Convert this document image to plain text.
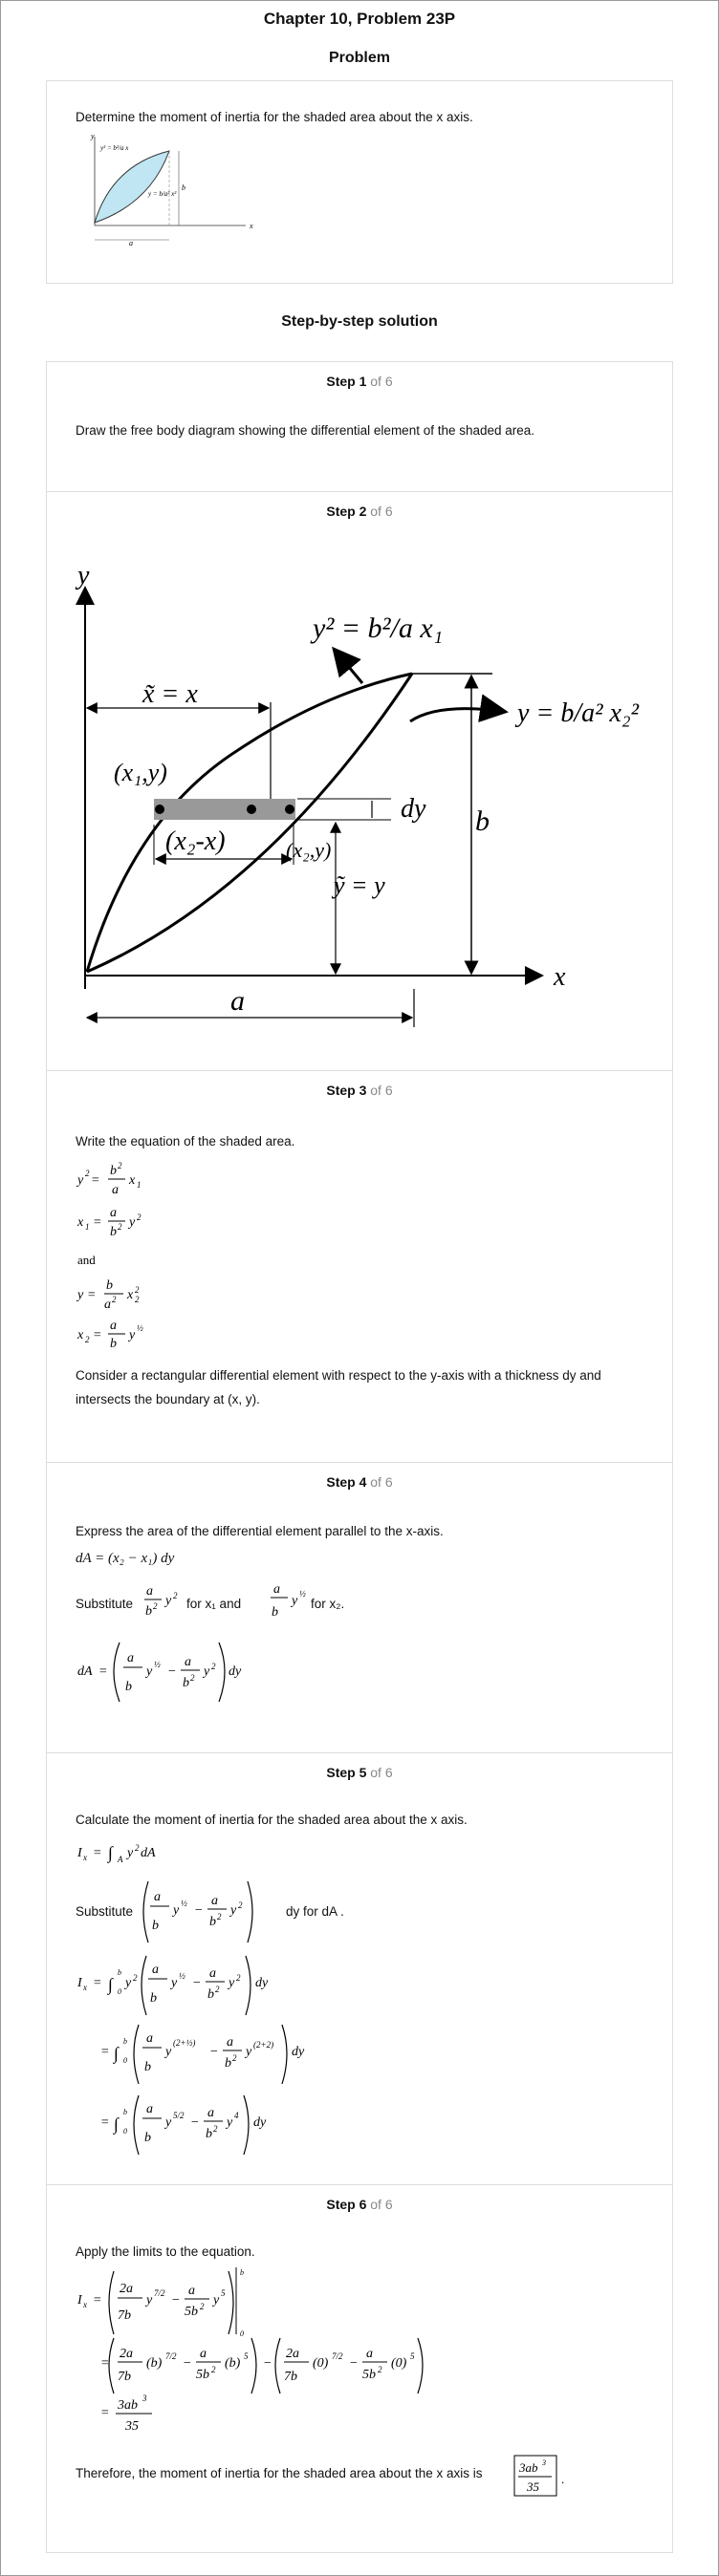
Chapter 10, Problem 23P
Problem
Determine the moment of inertia for the shaded area about the x axis.
y
x
y² = b²/a x
y = b/a² x²
a
b
Step-by-step solution
Step 1 of 6
Draw the free body diagram showing the differential element of the shaded area.
Step 2 of 6
y
x
x̃ = x
(x₁,y)
(x₂,y)
(x₂-x)
dy
ỹ = y
b
a
y² = b²/a x₁
y = b/a² x₂²
Step 3 of 6
Write the equation of the shaded area.
y 2 =
b 2
a
x 1
x 1 =
a
b 2 y 2
and
y =
b
a 2 x 2
2
x 2 =
a
b
y ½
Consider a rectangular differential element with respect to the y-axis with a thickness dy and
intersects the boundary at (x, y).
Step 4 of 6
Express the area of the differential element parallel to the x-axis.
dA = (x₂ − x₁) dy
Substitute
a
b 2 y 2
for x₁ and
a
b
y ½
for x₂.
dA =
a
b
y ½ −
a
b 2 y 2 dy
Step 5 of 6
Calculate the moment of inertia for the shaded area about the x axis.
I x = ∫ A y 2 dA
Substitute
a
b
y ½ −
a
b 2 y 2	dy for dA .
I x = ∫ 0
b
y 2
a
b
y ½ −
a
b 2 y 2 dy
= ∫ 0
b a
b
y
(2+½)
−
a
b 2 y (2+2) dy
= ∫ 0
b a
b
y 5/2 −
a
b 2 y 4 dy
Step 6 of 6
Apply the limits to the equation.
I x =
2a
7b
y 7/2 −
a
5b 2 y 5
b
0
=
2a
7b
(b) 7/2 −
a
5b 2 (b) 5 −
2a
7b
(0) 7/2 −
a
5b 2 (0) 5
=
3ab 3
35
Therefore, the moment of inertia for the shaded area about the x axis is	3ab 3
35
.
